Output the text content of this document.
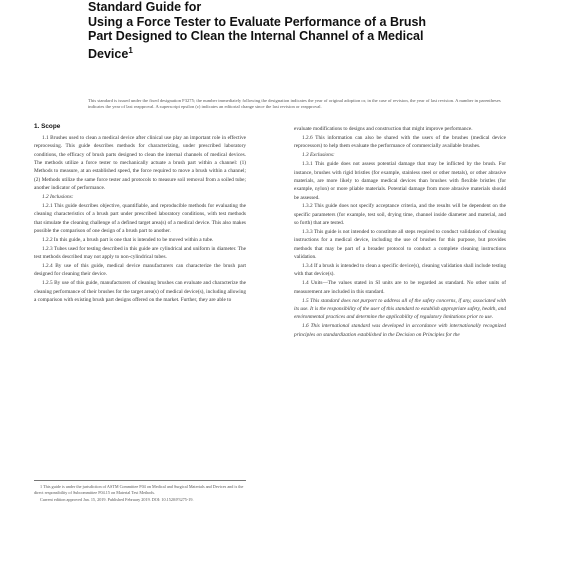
Standard Guide for
Using a Force Tester to Evaluate Performance of a Brush
Part Designed to Clean the Internal Channel of a Medical
Device$^1$
This standard is issued under the fixed designation F3275; the number immediately following the designation indicates the year of original adoption or, in the case of revision, the year of last revision. A number in parentheses indicates the year of last reapproval. A superscript epsilon (ε) indicates an editorial change since the last revision or reapproval.
1. Scope

1.1 Brushes used to clean a medical device after clinical use play an important role in effective reprocessing. This guide describes methods for characterizing, under prescribed laboratory conditions, the efficacy of brush parts designed to clean the internal channels of medical devices. The methods utilize a force tester to mechanically actuate a brush part within a channel: (1) Methods to measure, at an established speed, the force required to move a brush within a channel; (2) Methods utilize the same force tester and protocols to measure soil removal from a soiled tube; another indicator of performance.

1.2 Inclusions:

1.2.1 This guide describes objective, quantifiable, and reproducible methods for evaluating the cleaning characteristics of a brush part under prescribed laboratory conditions, with test methods that simulate the cleaning challenge of a defined target area(s) of a medical device. This also makes possible the comparison of one design of a brush part to another.

1.2.2 In this guide, a brush part is one that is intended to be moved within a tube.

1.2.3 Tubes used for testing described in this guide are cylindrical and uniform in diameter. The test methods described may not apply to non-cylindrical tubes.

1.2.4 By use of this guide, medical device manufacturers can characterize the brush part designed for cleaning their device.

1.2.5 By use of this guide, manufacturers of cleaning brushes can evaluate and characterize the cleaning performance of their brushes for the target area(s) of medical device(s), including allowing a comparison with existing brush part designs offered on the market. Further, they are able to

1 This guide is under the jurisdiction of ASTM Committee F04 on Medical and Surgical Materials and Devices and is the direct responsibility of Subcommittee F04.15 on Material Test Methods.

Current edition approved Jan. 15, 2019. Published February 2019. DOI: 10.1520/F3275-19.

evaluate modifications to designs and construction that might improve performance.

1.2.6 This information can also be shared with the users of the brushes (medical device reprocessors) to help them evaluate the performance of commercially available brushes.

1.3 Exclusions:

1.3.1 This guide does not assess potential damage that may be inflicted by the brush. For instance, brushes with rigid bristles (for example, stainless steel or other metals), or other abrasive materials, are more likely to damage medical devices than brushes with flexible bristles (for example, nylon) or more pliable materials. Potential damage from more abrasive materials should be assessed.

1.3.2 This guide does not specify acceptance criteria, and the results will be dependent on the specific parameters (for example, test soil, drying time, channel inside diameter and material, and so forth) that are tested.

1.3.3 This guide is not intended to constitute all steps required to conduct validation of cleaning instructions for a medical device, including the use of brushes for this purpose, but provides methods that may be part of a broader protocol to conduct a complete cleaning instructions validation.

1.3.4 If a brush is intended to clean a specific device(s), cleaning validation shall include testing with that device(s).

1.4 Units—The values stated in SI units are to be regarded as standard. No other units of measurement are included in this standard.

1.5 This standard does not purport to address all of the safety concerns, if any, associated with its use. It is the responsibility of the user of this standard to establish appropriate safety, health, and environmental practices and determine the applicability of regulatory limitations prior to use.

1.6 This international standard was developed in accordance with internationally recognized principles on standardization established in the Decision on Principles for the
